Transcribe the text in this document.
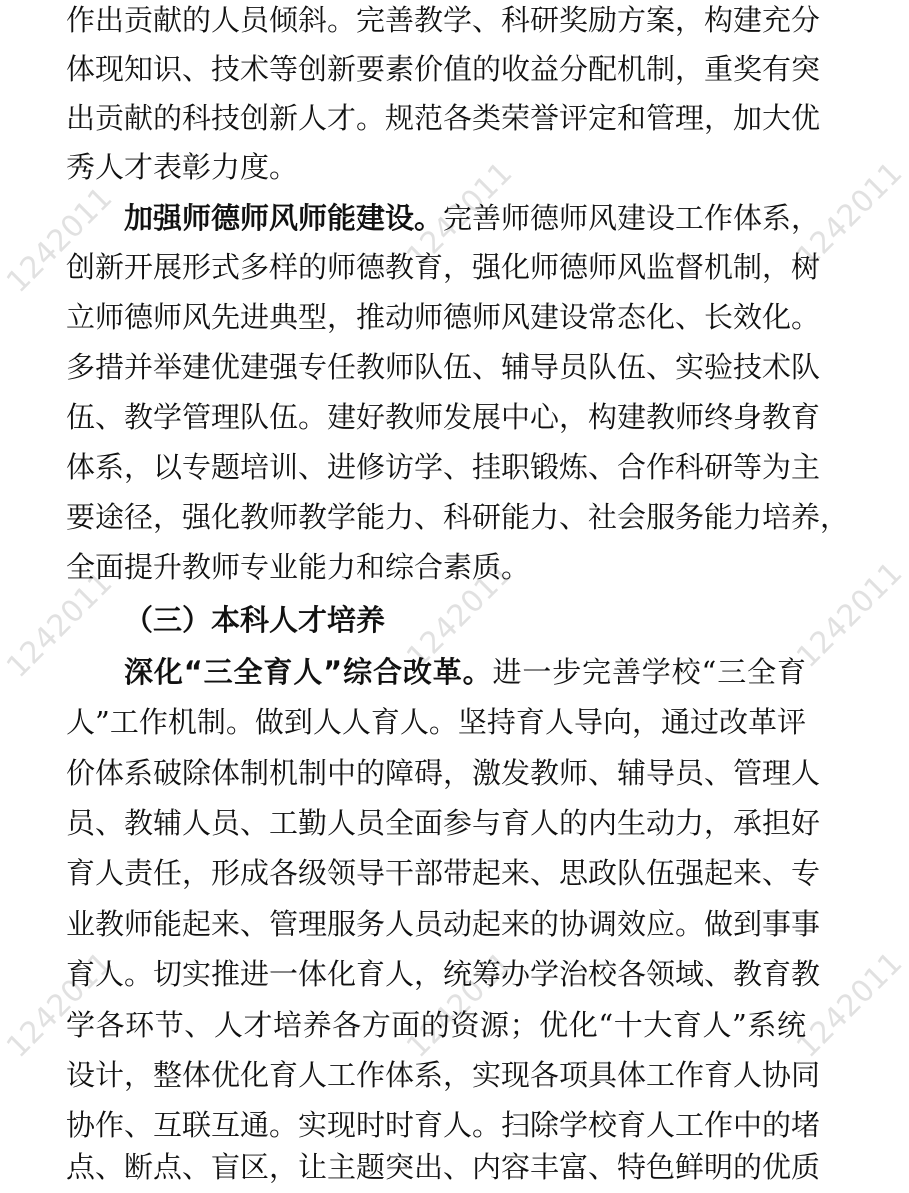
1242011	1242011	1242011
1242011	1242011	1242011
1242011	1242011	1242011
作出贡献的人员倾斜。完善教学、科研奖励方案，构建充分
体现知识、技术等创新要素价值的收益分配机制，重奖有突
出贡献的科技创新人才。规范各类荣誉评定和管理，加大优
秀人才表彰力度。
加强师德师风师能建设。完善师德师风建设工作体系，
创新开展形式多样的师德教育，强化师德师风监督机制，树
立师德师风先进典型，推动师德师风建设常态化、长效化。
多措并举建优建强专任教师队伍、辅导员队伍、实验技术队
伍、教学管理队伍。建好教师发展中心，构建教师终身教育
体系，以专题培训、进修访学、挂职锻炼、合作科研等为主
要途径，强化教师教学能力、科研能力、社会服务能力培养，
全面提升教师专业能力和综合素质。
（三）本科人才培养
深化“三全育人”综合改革。进一步完善学校“三全育
人”工作机制。做到人人育人。坚持育人导向，通过改革评
价体系破除体制机制中的障碍，激发教师、辅导员、管理人
员、教辅人员、工勤人员全面参与育人的内生动力，承担好
育人责任，形成各级领导干部带起来、思政队伍强起来、专
业教师能起来、管理服务人员动起来的协调效应。做到事事
育人。切实推进一体化育人，统筹办学治校各领域、教育教
学各环节、人才培养各方面的资源；优化“十大育人”系统
设计，整体优化育人工作体系，实现各项具体工作育人协同
协作、互联互通。实现时时育人。扫除学校育人工作中的堵
点、断点、盲区，让主题突出、内容丰富、特色鲜明的优质
